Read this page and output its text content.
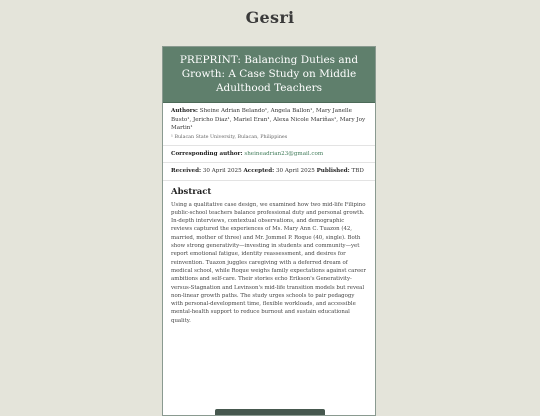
Gesri
PREPRINT: Balancing Duties and Growth: A Case Study on Middle Adulthood Teachers
Authors: Sheine Adrian Belando¹, Angela Ballon¹, Mary Janelle Busto¹, Jericho Diaz¹, Mariel Eran¹, Alexa Nicole Mariñas¹, Mary Joy Martin¹
¹ Bulacan State University, Bulacan, Philippines
Corresponding author: sheineadrian23@gmail.com
Received: 30 April 2025 Accepted: 30 April 2025 Published: TBD
Abstract
Using a qualitative case design, we examined how two mid-life Filipino public-school teachers balance professional duty and personal growth. In-depth interviews, contextual observations, and demographic reviews captured the experiences of Ms. Mary Ann C. Tuazon (42, married, mother of three) and Mr. Jommel P. Roque (40, single). Both show strong generativity—investing in students and community—yet report emotional fatigue, identity reassessment, and desires for reinvention. Tuazon juggles caregiving with a deferred dream of medical school, while Roque weighs family expectations against career ambitions and self-care. Their stories echo Erikson's Generativity-versus-Stagnation and Levinson's mid-life transition models but reveal non-linear growth paths. The study urges schools to pair pedagogy with personal-development time, flexible workloads, and accessible mental-health support to reduce burnout and sustain educational quality.
